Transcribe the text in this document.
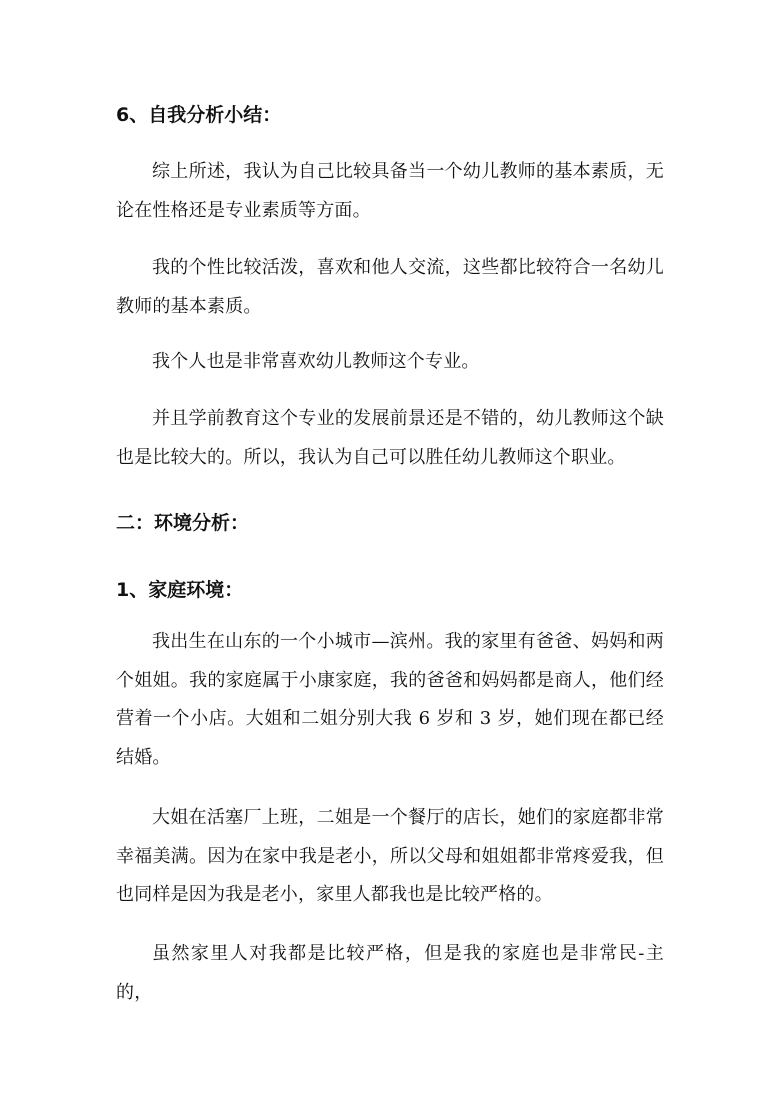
6、自我分析小结：

综上所述，我认为自己比较具备当一个幼儿教师的基本素质，无论在性格还是专业素质等方面。

我的个性比较活泼，喜欢和他人交流，这些都比较符合一名幼儿教师的基本素质。

我个人也是非常喜欢幼儿教师这个专业。

并且学前教育这个专业的发展前景还是不错的，幼儿教师这个缺也是比较大的。所以，我认为自己可以胜任幼儿教师这个职业。

二：环境分析：
1、家庭环境：

我出生在山东的一个小城市—滨州。我的家里有爸爸、妈妈和两个姐姐。我的家庭属于小康家庭，我的爸爸和妈妈都是商人，他们经营着一个小店。大姐和二姐分别大我 6 岁和 3 岁，她们现在都已经结婚。

大姐在活塞厂上班，二姐是一个餐厅的店长，她们的家庭都非常幸福美满。因为在家中我是老小，所以父母和姐姐都非常疼爱我，但也同样是因为我是老小，家里人都我也是比较严格的。

虽然家里人对我都是比较严格，但是我的家庭也是非常民-主的，
